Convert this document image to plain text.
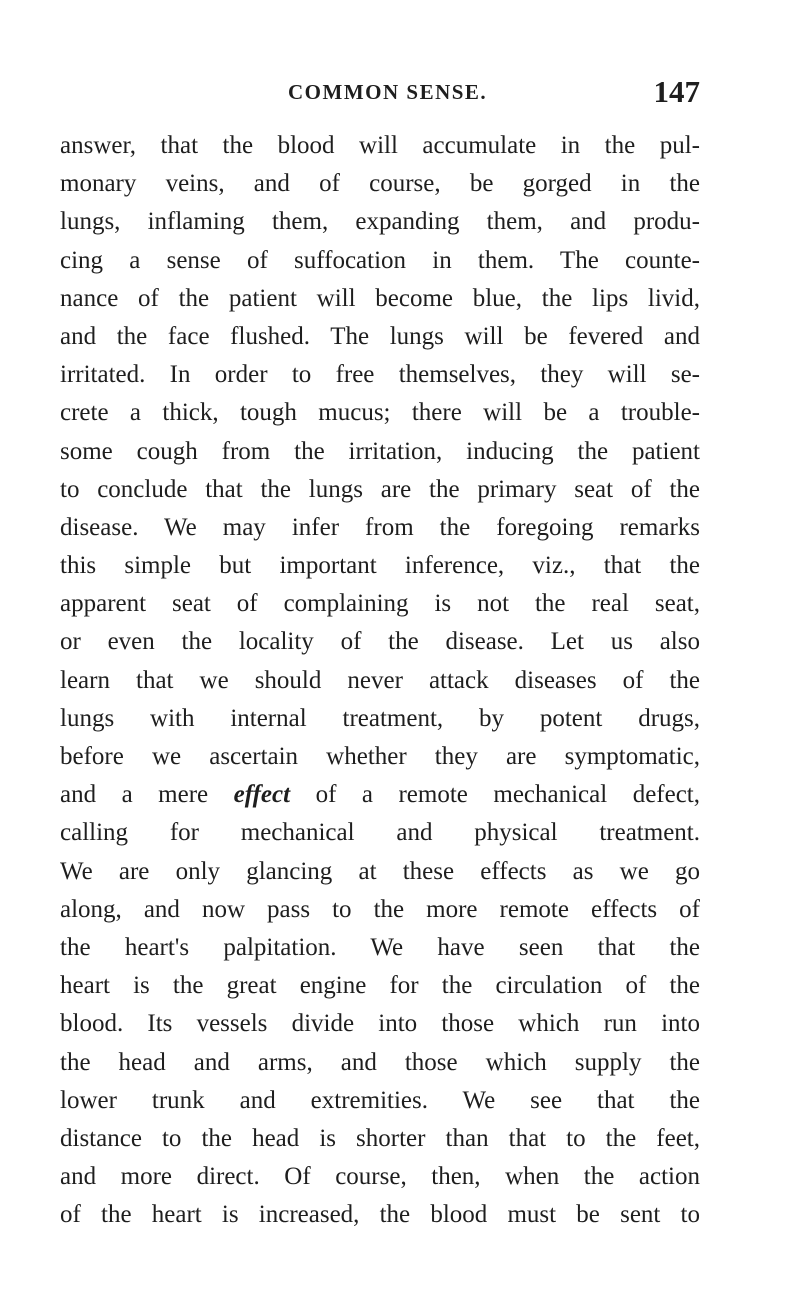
COMMON SENSE.	147
answer, that the blood will accumulate in the pul-
monary veins, and of course, be gorged in the
lungs, inflaming them, expanding them, and produ-
cing a sense of suffocation in them. The counte-
nance of the patient will become blue, the lips livid,
and the face flushed. The lungs will be fevered and
irritated. In order to free themselves, they will se-
crete a thick, tough mucus; there will be a trouble-
some cough from the irritation, inducing the patient
to conclude that the lungs are the primary seat of the
disease. We may infer from the foregoing remarks
this simple but important inference, viz., that the
apparent seat of complaining is not the real seat,
or even the locality of the disease. Let us also
learn that we should never attack diseases of the
lungs with internal treatment, by potent drugs,
before we ascertain whether they are symptomatic,
and a mere effect of a remote mechanical defect,
calling for mechanical and physical treatment.
We are only glancing at these effects as we go
along, and now pass to the more remote effects of
the heart's palpitation. We have seen that the
heart is the great engine for the circulation of the
blood. Its vessels divide into those which run into
the head and arms, and those which supply the
lower trunk and extremities. We see that the
distance to the head is shorter than that to the feet,
and more direct. Of course, then, when the action
of the heart is increased, the blood must be sent to
